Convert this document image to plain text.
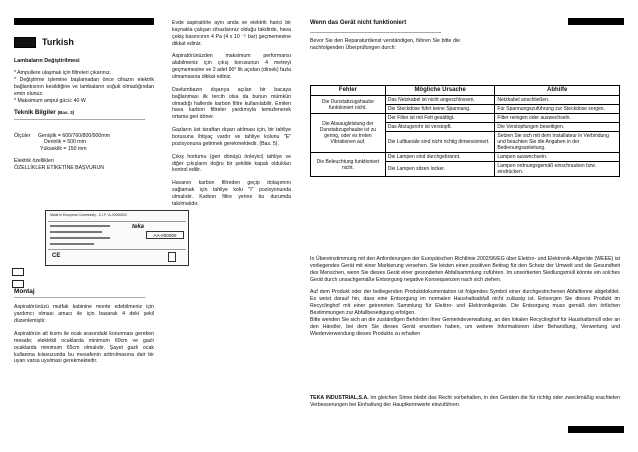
Turkish
Lambaların Değiştirilmesi

* Ampullere ulaşmak için filtreleri çıkarınız.

* Değiştirme işlemine başlamadan önce cihazın elektrik bağlantısının kesildiğine ve lambaların soğuk olmadığından emin olunuz.

* Maksimum ampul gücü: 40 W

Teknik Bilgiler (Bas. 3)
------------------------------------------------------------------------------------------------
Ölçüler	Genişlik = 600/760/800/900mm
Derinlik = 500 mm
Yükseklik = 150 mm
Elektrik özellikleri
ÖZELLİKLER ETİKETİNE BAŞVURUN
Made in European Community - C.I.F.: A-20000002
teka
AA-000000
CE
Montaj
------------------------------------------------------------------------------------------------

Aspiratörünüzü mutfak kabinine monte edebilmeniz için yardımcı olması amacı ile için basarak 4 deki şekil düzenlemiştir.

Aspiratörün alt kısmı ile ocak arasındaki korunması gereken mesafe; elektrikli ocaklarda minimum 60cm ve gazlı ocaklarda minimum 65cm olmalıdır. Şayet gazlı ocak kullanma kılavuzunda bu mesafenin arttırılmasına dair bir uyarı varsa uyulması gerekmektedir.

Evde aspiratörle aynı anda ve elektrik harici bir kaynakla çalışan cihazlarınız olduğu takdirde, hava çekiş basıncının 4 Pa (4 x 10 ⁻⁵ bar) geçmemesine dikkat ediniz.

Aspiratörünüzden maksimum performansı alabilmeniz için çıkış borusunun 4 metreyi geçmemesine ve 2 adet 90° lik açıdan (dirsek) fazla olmamasına dikkat ediniz.

Davlumbazın dışarıya açılan bir bacaya bağlanması ilk tercih olsa da bunun mümkün olmadığı hallerde karbon filtre kullanılabilir. Emilen hava karbon filtreler yardımıyla temizlenerek ortama geri döner.

Gazların üst taraftan dışarı atılması için, bir tahliye borusuna ihtiyaç vardır ve tahliye kolunu "E" pozisyonuna getirmek gerekmektedir. (Bas. 5).

Çıkış hortumu (geri dönüşü önleyici) tahliye ve diğer çıkışların doğru bir şekilde kapalı oldukları kontrol edilir.

Havanın karbon filtreden geçip dolaşımını sağlamak için tahliye kolu "I" pozisyonunda olmalıdır. Karbon filtre yerine bu durumda takılmalıdır.

Wenn das Gerät nicht funktioniert
------------------------------------------------------------------------------------------------

Bevor Sie den Reparaturdienst verständigen, führen Sie bitte die nachfolgenden Überprüfungen durch:

Fehler	Mögliche Ursache	Abhilfe
Die Dunstabzugshaube funktioniert nicht.	Das Netzkabel ist nicht angeschlossen.	Netzkabel anschließen.
	Die Steckdose führt keine Spannung.	Für Spannungszuführung zur Steckdose sorgen.
Die Absaugleistung der Dunstabzugshaube ist zu gering, oder es treten Vibrationen auf.	Der Filter ist mit Fett gesättigt.	Filter reinigen oder auswechseln.
	Das Abzugsrohr ist verstopft.	Die Verstopfungen beseitigen.
	Die Luftkanäle sind nicht richtig dimensioniert.	Setzen Sie sich mit dem Installateur in Verbindung und beachten Sie die Angaben in der Bedienungsanleitung.
Die Beleuchtung funktioniert nicht.	Die Lampen sind durchgebrannt.	Lampen auswechseln.
	Die Lampen sitzen locker.	Lampen ordnungsgemäß einschrauben bzw. eindrücken.

In Übereinstimmung mit den Anforderungen der Europäischen Richtlinie 2002/96/EG über Elektro- und Elektronik-Altgeräte (WEEE) ist vorliegendes Gerät mit einer Markierung versehen. Sie leisten einen positiven Beitrag für den Schutz der Umwelt und die Gesundheit des Menschen, wenn Sie dieses Gerät einer gesonderten Abfallsammlung zuführen. Im unsortierten Siedlungsmüll könnte ein solches Gerät durch unsachgemäße Entsorgung negative Konsequenzen nach sich ziehen.

Auf dem Produkt oder der beiliegenden Produktdokumentation ist folgendes Symbol einer durchgestrichenen Abfalltonne abgebildet. Es weist darauf hin, dass eine Entsorgung im normalen Haushaltsabfall nicht zulässig ist. Entsorgen Sie dieses Produkt im Recyclinghof mit einer getrennten Sammlung für Elektro- und Elektronikgeräte. Die Entsorgung muss gemäß den örtlichen Bestimmungen zur Abfallbeseitigung erfolgen.

Bitte wenden Sie sich an die zuständigen Behörden Ihrer Gemeindeverwaltung, an den lokalen Recyclinghof für Haushaltsmüll oder an den Händler, bei dem Sie dieses Gerät erworben haben, um weitere Informationen über Behandlung, Verwertung und Wiederverwendung dieses Produkts zu erhalten

TEKA INDUSTRIAL,S.A. Im gleichen Sinne bleibt das Recht vorbehalten, in den Geräten die für richtig oder zweckmäßig erachteten Verbesserungen bei Einhaltung der Hauptkennwerte einzuführen.
